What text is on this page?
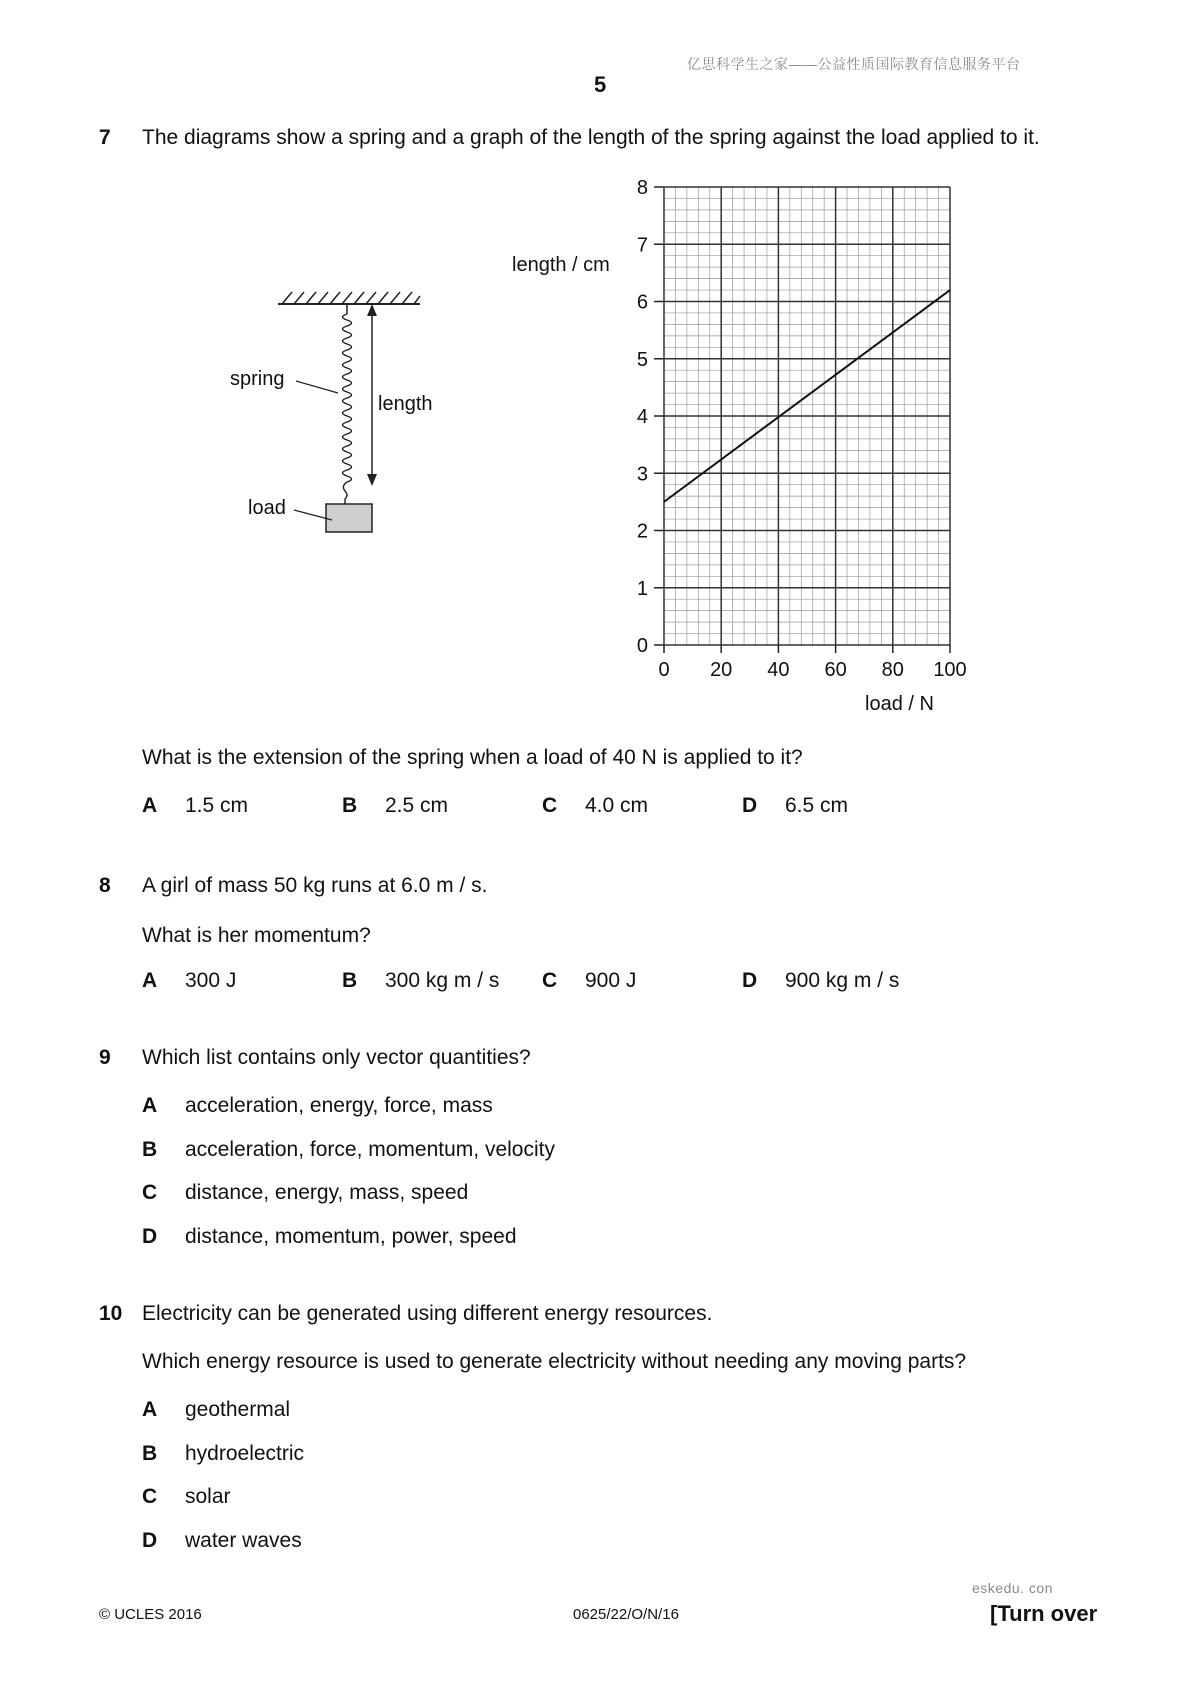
亿思科学生之家——公益性质国际教育信息服务平台
5
7 The diagrams show a spring and a graph of the length of the spring against the load applied to it.
spring
load
length
0 20 40 60 80 100
0
1
2
3
4
5
6
7
8
length / cm
load / N
What is the extension of the spring when a load of 40 N is applied to it?
A 1.5 cm	B 2.5 cm	C 4.0 cm	D 6.5 cm
8 A girl of mass 50 kg runs at 6.0 m / s.
What is her momentum?
A 300 J	B 300 kg m / s C 900 J	D 900 kg m / s
9 Which list contains only vector quantities?
A acceleration, energy, force, mass
B acceleration, force, momentum, velocity
C distance, energy, mass, speed
D distance, momentum, power, speed
10 Electricity can be generated using different energy resources.
Which energy resource is used to generate electricity without needing any moving parts?
A geothermal
B hydroelectric
C solar
D water waves
© UCLES 2016	0625/22/O/N/16
eskedu. con
[Turn over
